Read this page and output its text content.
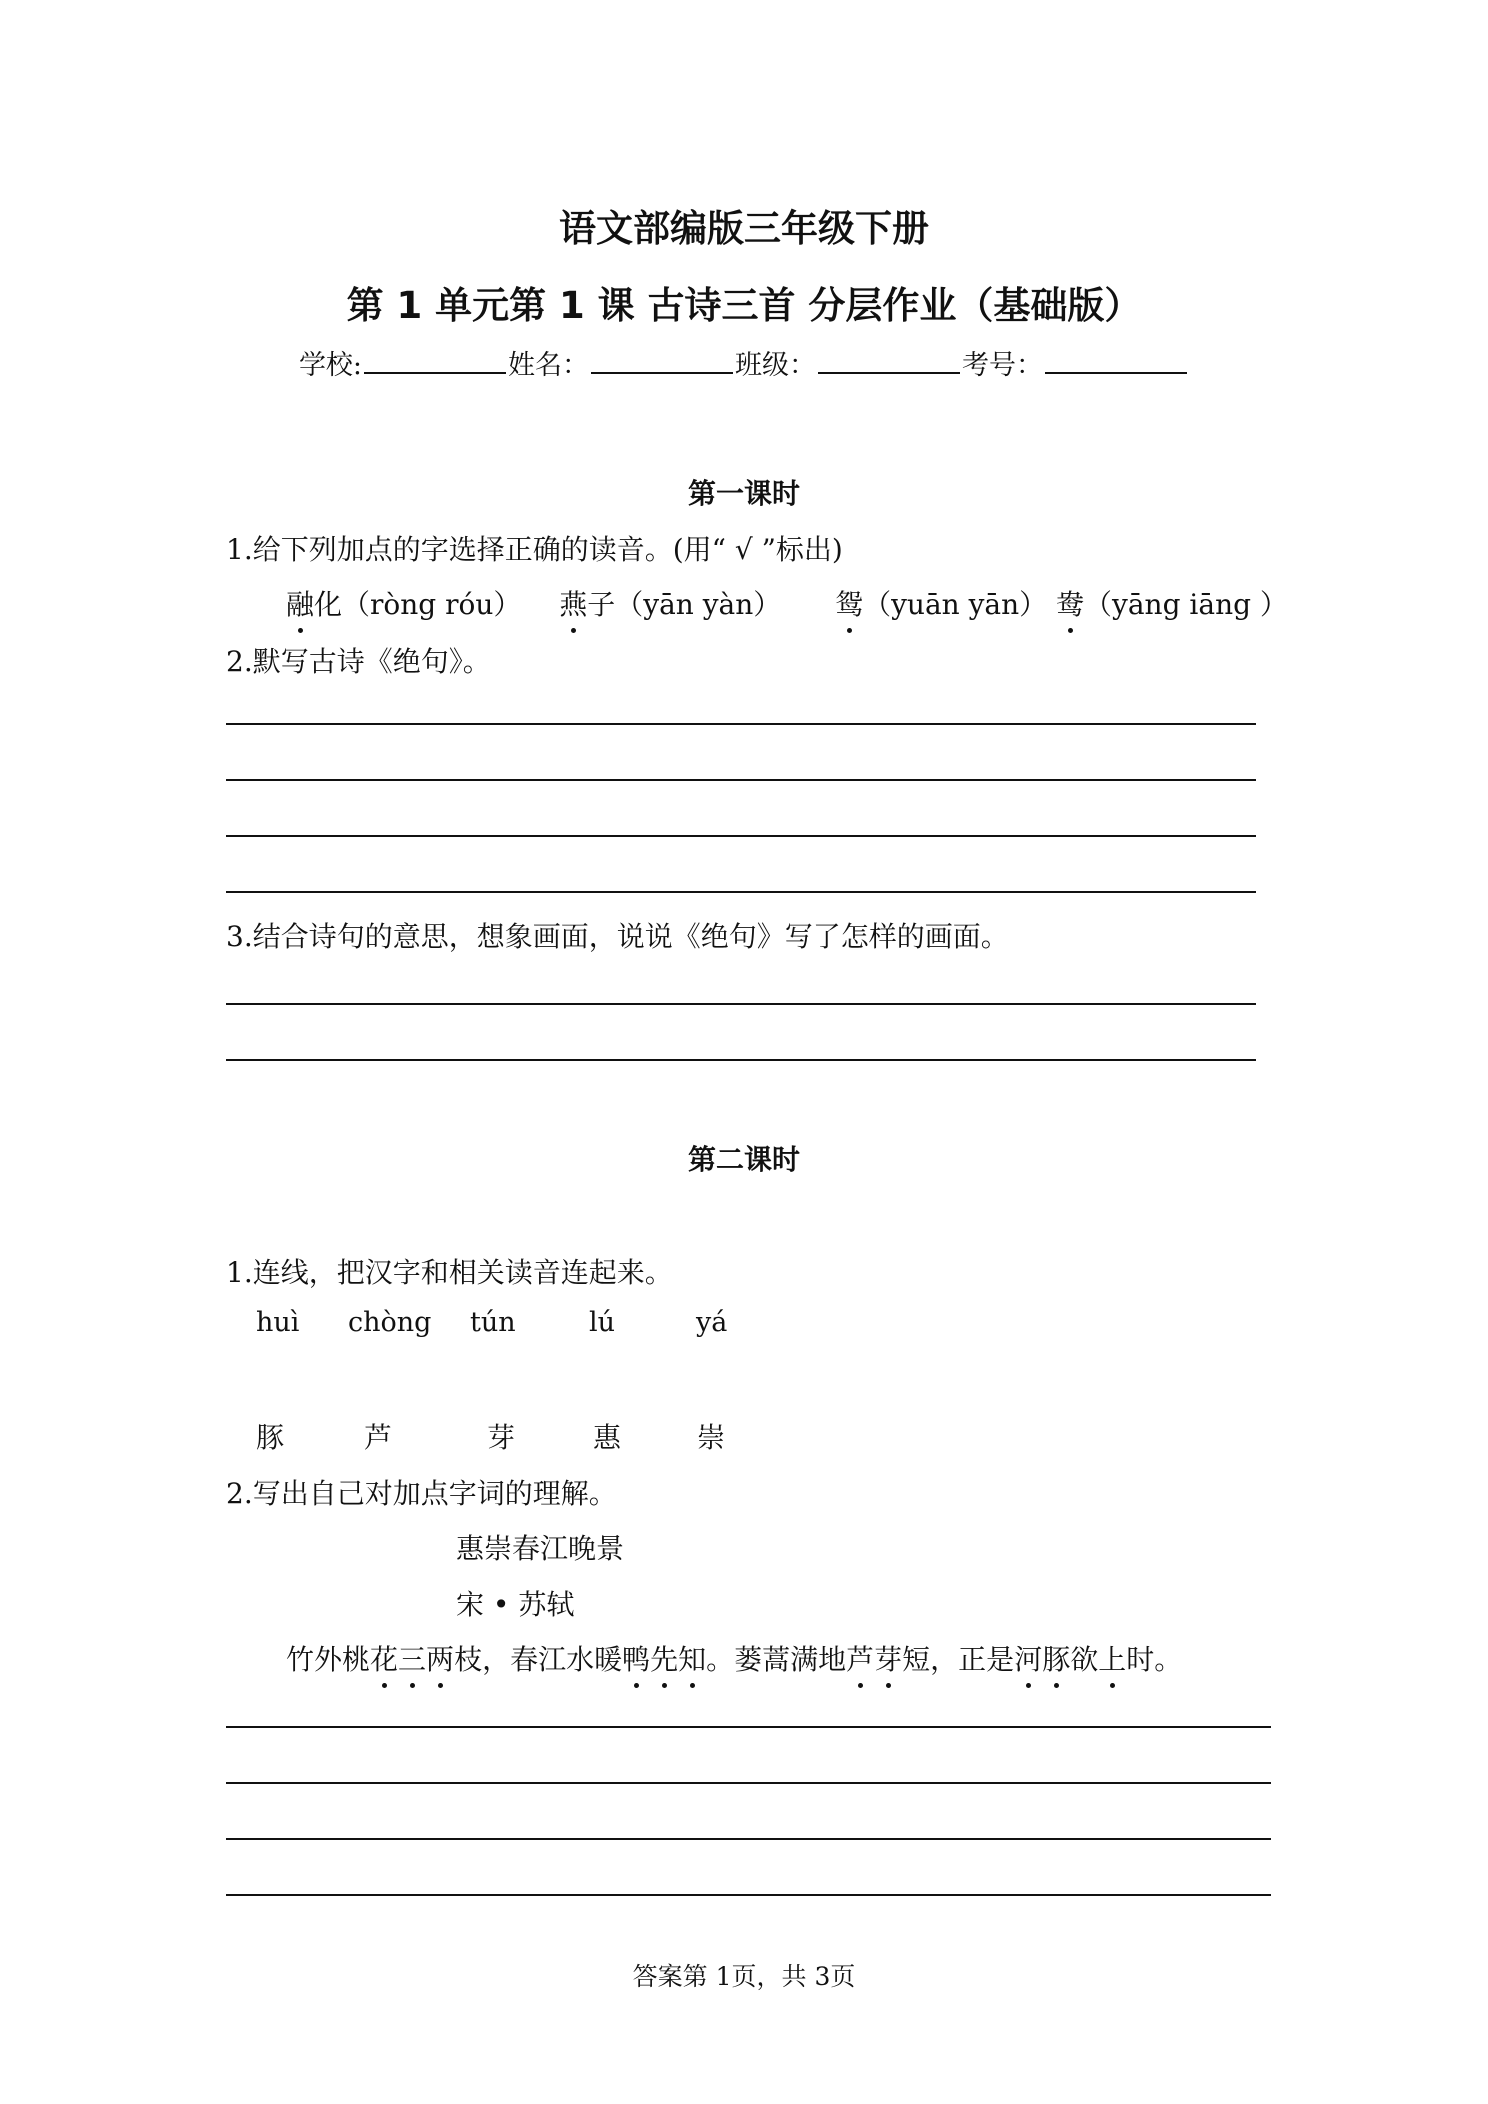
语文部编版三年级下册
第 1 单元第 1 课 古诗三首 分层作业（基础版）
学校:	姓名：	班级：	考号：
第一课时
1.给下列加点的字选择正确的读音。(用“ √ ”标出)
融化（ròng róu） 燕子（yān yàn） 鸳（yuān yān） 鸯（yāng iāng ）
2.默写古诗《绝句》。
3.结合诗句的意思，想象画面，说说《绝句》写了怎样的画面。
第二课时
1.连线，把汉字和相关读音连起来。
huì chòng tún	lú	yá
豚	芦	芽	惠	崇
2.写出自己对加点字词的理解。
惠崇春江晚景
宋 • 苏轼
竹外桃花三两枝，春江水暖鸭先知。蒌蒿满地芦芽短，正是河豚欲上时。
答案第 1页，共 3页
